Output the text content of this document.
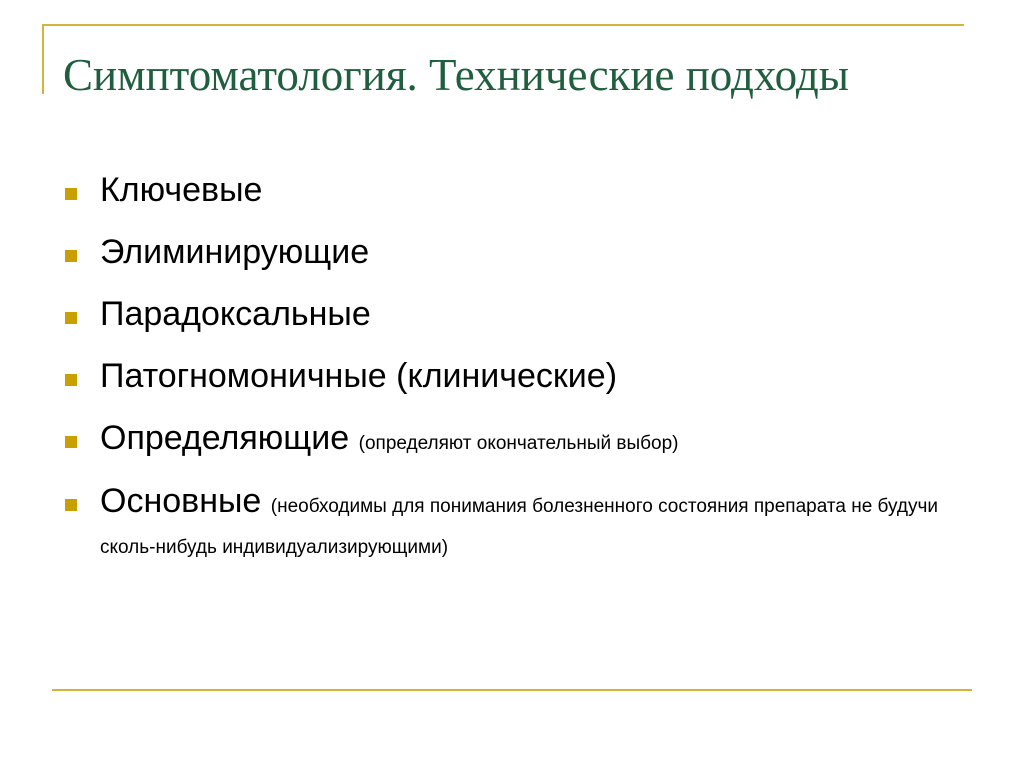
Симптоматология. Технические подходы
Ключевые
Элиминирующие
Парадоксальные
Патогномоничные (клинические)
Определяющие (определяют окончательный выбор)
Основные (необходимы для понимания болезненного состояния препарата не будучи сколь-нибудь индивидуализирующими)
